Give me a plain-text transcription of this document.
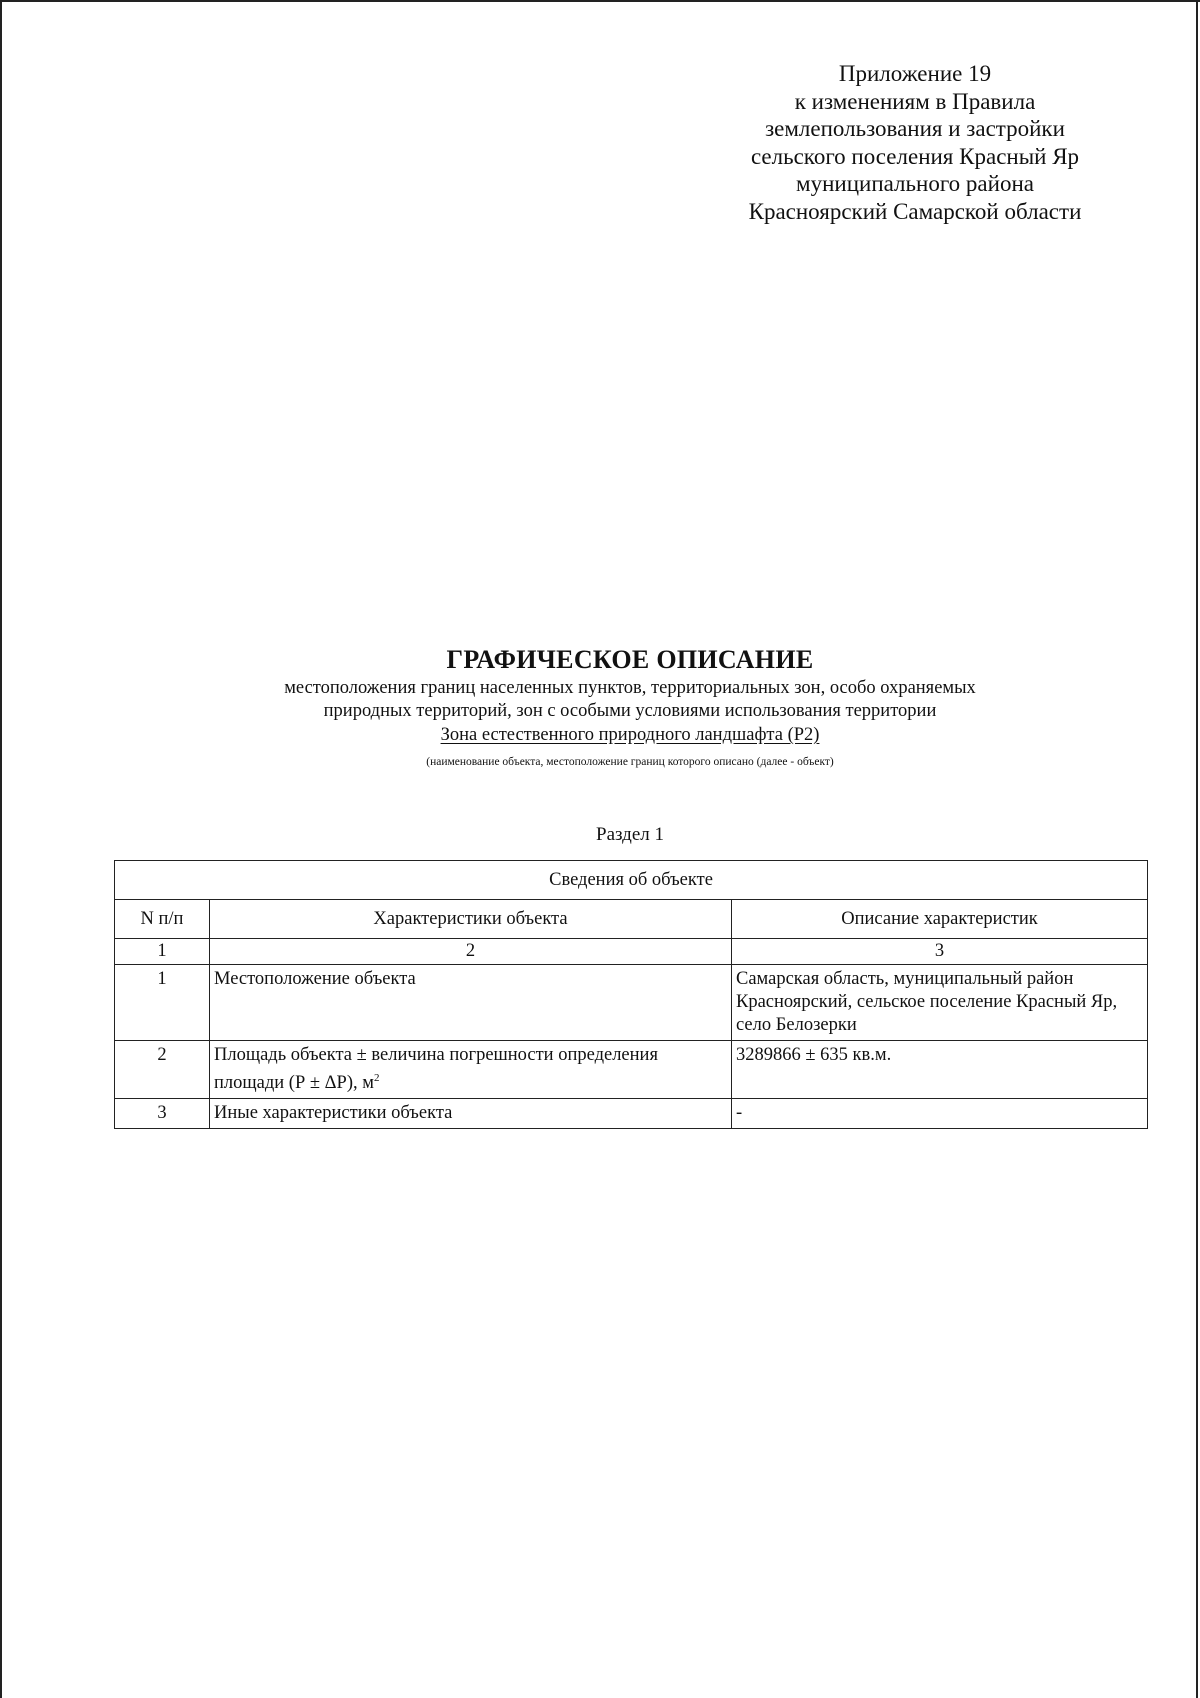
Приложение 19
к изменениям в Правила
землепользования и застройки
сельского поселения Красный Яр
муниципального района
Красноярский Самарской области
ГРАФИЧЕСКОЕ ОПИСАНИЕ
местоположения границ населенных пунктов, территориальных зон, особо охраняемых
природных территорий, зон с особыми условиями использования территории
Зона естественного природного ландшафта (Р2)
(наименование объекта, местоположение границ которого описано (далее - объект)
Раздел 1
Сведения об объекте		
N п/п	Характеристики объекта	Описание характеристик
1	2	3
1	Местоположение объекта	Самарская область, муниципальный район Красноярский, сельское поселение Красный Яр, село Белозерки
2	Площадь объекта ± величина погрешности определения площади (Р ± ΔР), $м^2$	3289866 ± 635 кв.м.
3	Иные характеристики объекта	-
